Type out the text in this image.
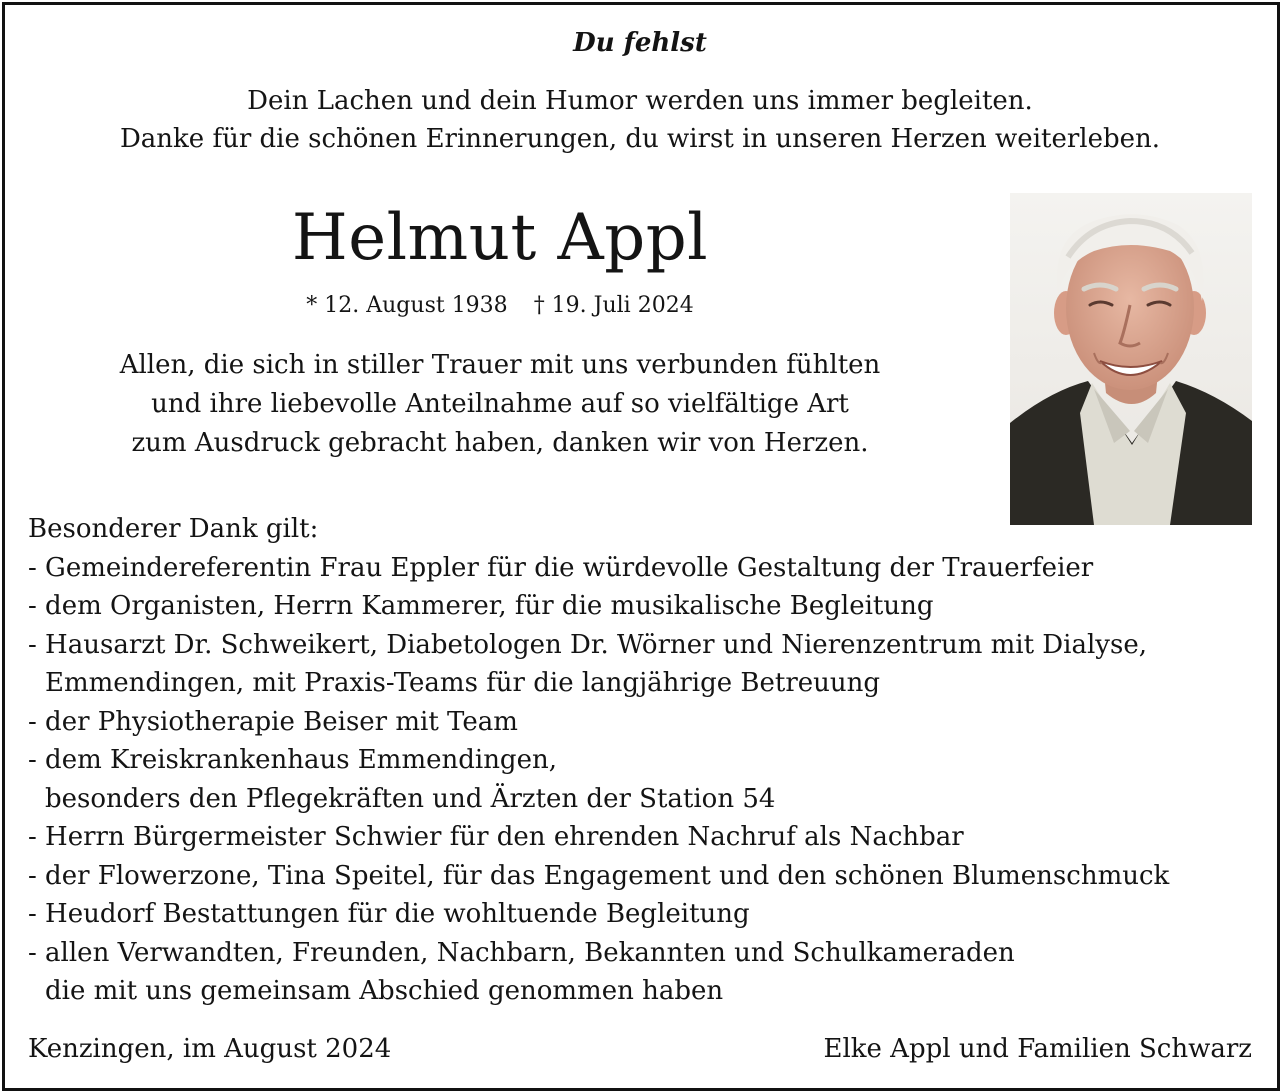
Du fehlst
Dein Lachen und dein Humor werden uns immer begleiten.
Danke für die schönen Erinnerungen, du wirst in unseren Herzen weiterleben.
Helmut Appl
* 12. August 1938 † 19. Juli 2024
Allen, die sich in stiller Trauer mit uns verbunden fühlten
und ihre liebevolle Anteilnahme auf so vielfältige Art
zum Ausdruck gebracht haben, danken wir von Herzen.
Besonderer Dank gilt:
- Gemeindereferentin Frau Eppler für die würdevolle Gestaltung der Trauerfeier
- dem Organisten, Herrn Kammerer, für die musikalische Begleitung
- Hausarzt Dr. Schweikert, Diabetologen Dr. Wörner und Nierenzentrum mit Dialyse,
Emmendingen, mit Praxis-Teams für die langjährige Betreuung
- der Physiotherapie Beiser mit Team
- dem Kreiskrankenhaus Emmendingen,
besonders den Pflegekräften und Ärzten der Station 54
- Herrn Bürgermeister Schwier für den ehrenden Nachruf als Nachbar
- der Flowerzone, Tina Speitel, für das Engagement und den schönen Blumenschmuck
- Heudorf Bestattungen für die wohltuende Begleitung
- allen Verwandten, Freunden, Nachbarn, Bekannten und Schulkameraden
die mit uns gemeinsam Abschied genommen haben
Kenzingen, im August 2024	Elke Appl und Familien Schwarz
